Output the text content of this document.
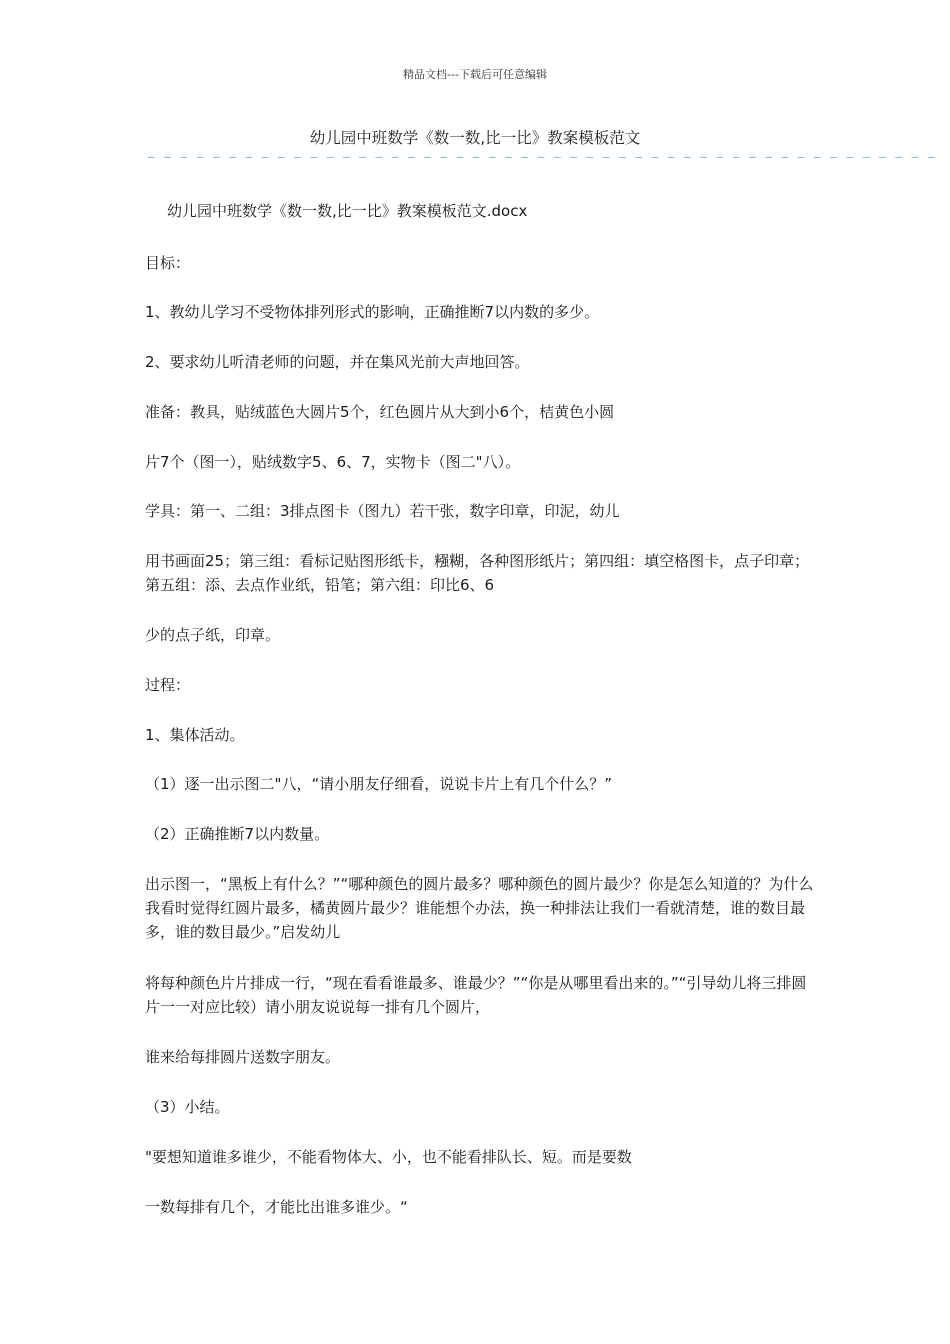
精品文档---下载后可任意编辑
幼儿园中班数学《数一数,比一比》教案模板范文
— — — — — — — — — — — — — — — — — — — — — — — — — — — — — — — — — — — — — — — — — — — — — — — — —
幼儿园中班数学《数一数,比一比》教案模板范文.docx
目标：
1、教幼儿学习不受物体排列形式的影响，正确推断7以内数的多少。
2、要求幼儿听清老师的问题，并在集风光前大声地回答。
准备：教具，贴绒蓝色大圆片5个，红色圆片从大到小6个，桔黄色小圆
片7个（图一），贴绒数字5、6、7，实物卡（图二"八）。
学具：第一、二组：3排点图卡（图九）若干张，数字印章，印泥，幼儿
用书画面25；第三组：看标记贴图形纸卡，糨糊，各种图形纸片；第四组：填空格图卡，点子印章；第五组：添、去点作业纸，铅笔；第六组：印比6、6
少的点子纸，印章。
过程：
1、集体活动。
（1）逐一出示图二"八，“请小朋友仔细看，说说卡片上有几个什么？”
（2）正确推断7以内数量。
出示图一，“黑板上有什么？”“哪种颜色的圆片最多？哪种颜色的圆片最少？你是怎么知道的？为什么我看时觉得红圆片最多，橘黄圆片最少？谁能想个办法，换一种排法让我们一看就清楚，谁的数目最多，谁的数目最少。”启发幼儿
将每种颜色片片排成一行，“现在看看谁最多、谁最少？”“你是从哪里看出来的。”“引导幼儿将三排圆片一一对应比较）请小朋友说说每一排有几个圆片，
谁来给每排圆片送数字朋友。
（3）小结。
"要想知道谁多谁少，不能看物体大、小，也不能看排队长、短。而是要数
一数每排有几个，才能比出谁多谁少。“
